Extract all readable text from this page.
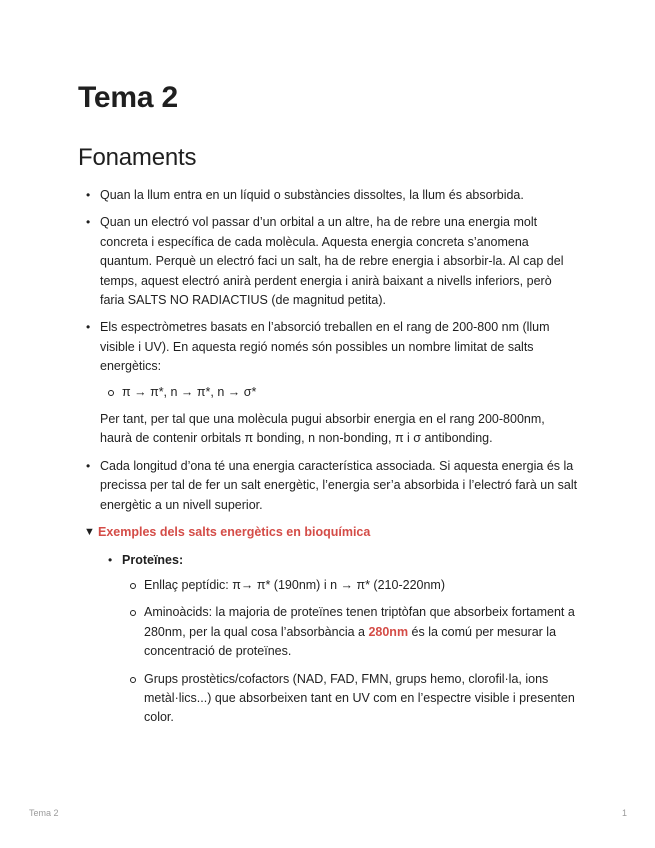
Tema 2
Fonaments
• Quan la llum entra en un líquid o substàncies dissoltes, la llum és absorbida.
• Quan un electró vol passar d’un orbital a un altre, ha de rebre una energia molt concreta i específica de cada molècula. Aquesta energia concreta s’anomena quantum. Perquè un electró faci un salt, ha de rebre energia i absorbir-la. Al cap del temps, aquest electró anirà perdent energia i anirà baixant a nivells inferiors, però faria SALTS NO RADIACTIUS (de magnitud petita).
• Els espectròmetres basats en l’absorció treballen en el rang de 200-800 nm (llum visible i UV). En aquesta regió només són possibles un nombre limitat de salts energètics:
π → π*, n → π*, n → σ*

Per tant, per tal que una molècula pugui absorbir energia en el rang 200-800nm, haurà de contenir orbitals π bonding, n non-bonding, π i σ antibonding.

• Cada longitud d’ona té una energia característica associada. Si aquesta energia és la precissa per tal de fer un salt energètic, l’energia ser’a absorbida i l’electró farà un salt energètic a un nivell superior.
▼ Exemples dels salts energètics en bioquímica
• Proteïnes:
Enllaç peptídic: π→ π* (190nm) i n → π* (210-220nm)
Aminoàcids: la majoria de proteïnes tenen triptòfan que absorbeix fortament a 280nm, per la qual cosa l’absorbància a 280nm és la comú per mesurar la concentració de proteïnes.
Grups prostètics/cofactors (NAD, FAD, FMN, grups hemo, clorofil·la, ions metàl·lics...) que absorbeixen tant en UV com en l’espectre visible i presenten color.
Tema 2	1
